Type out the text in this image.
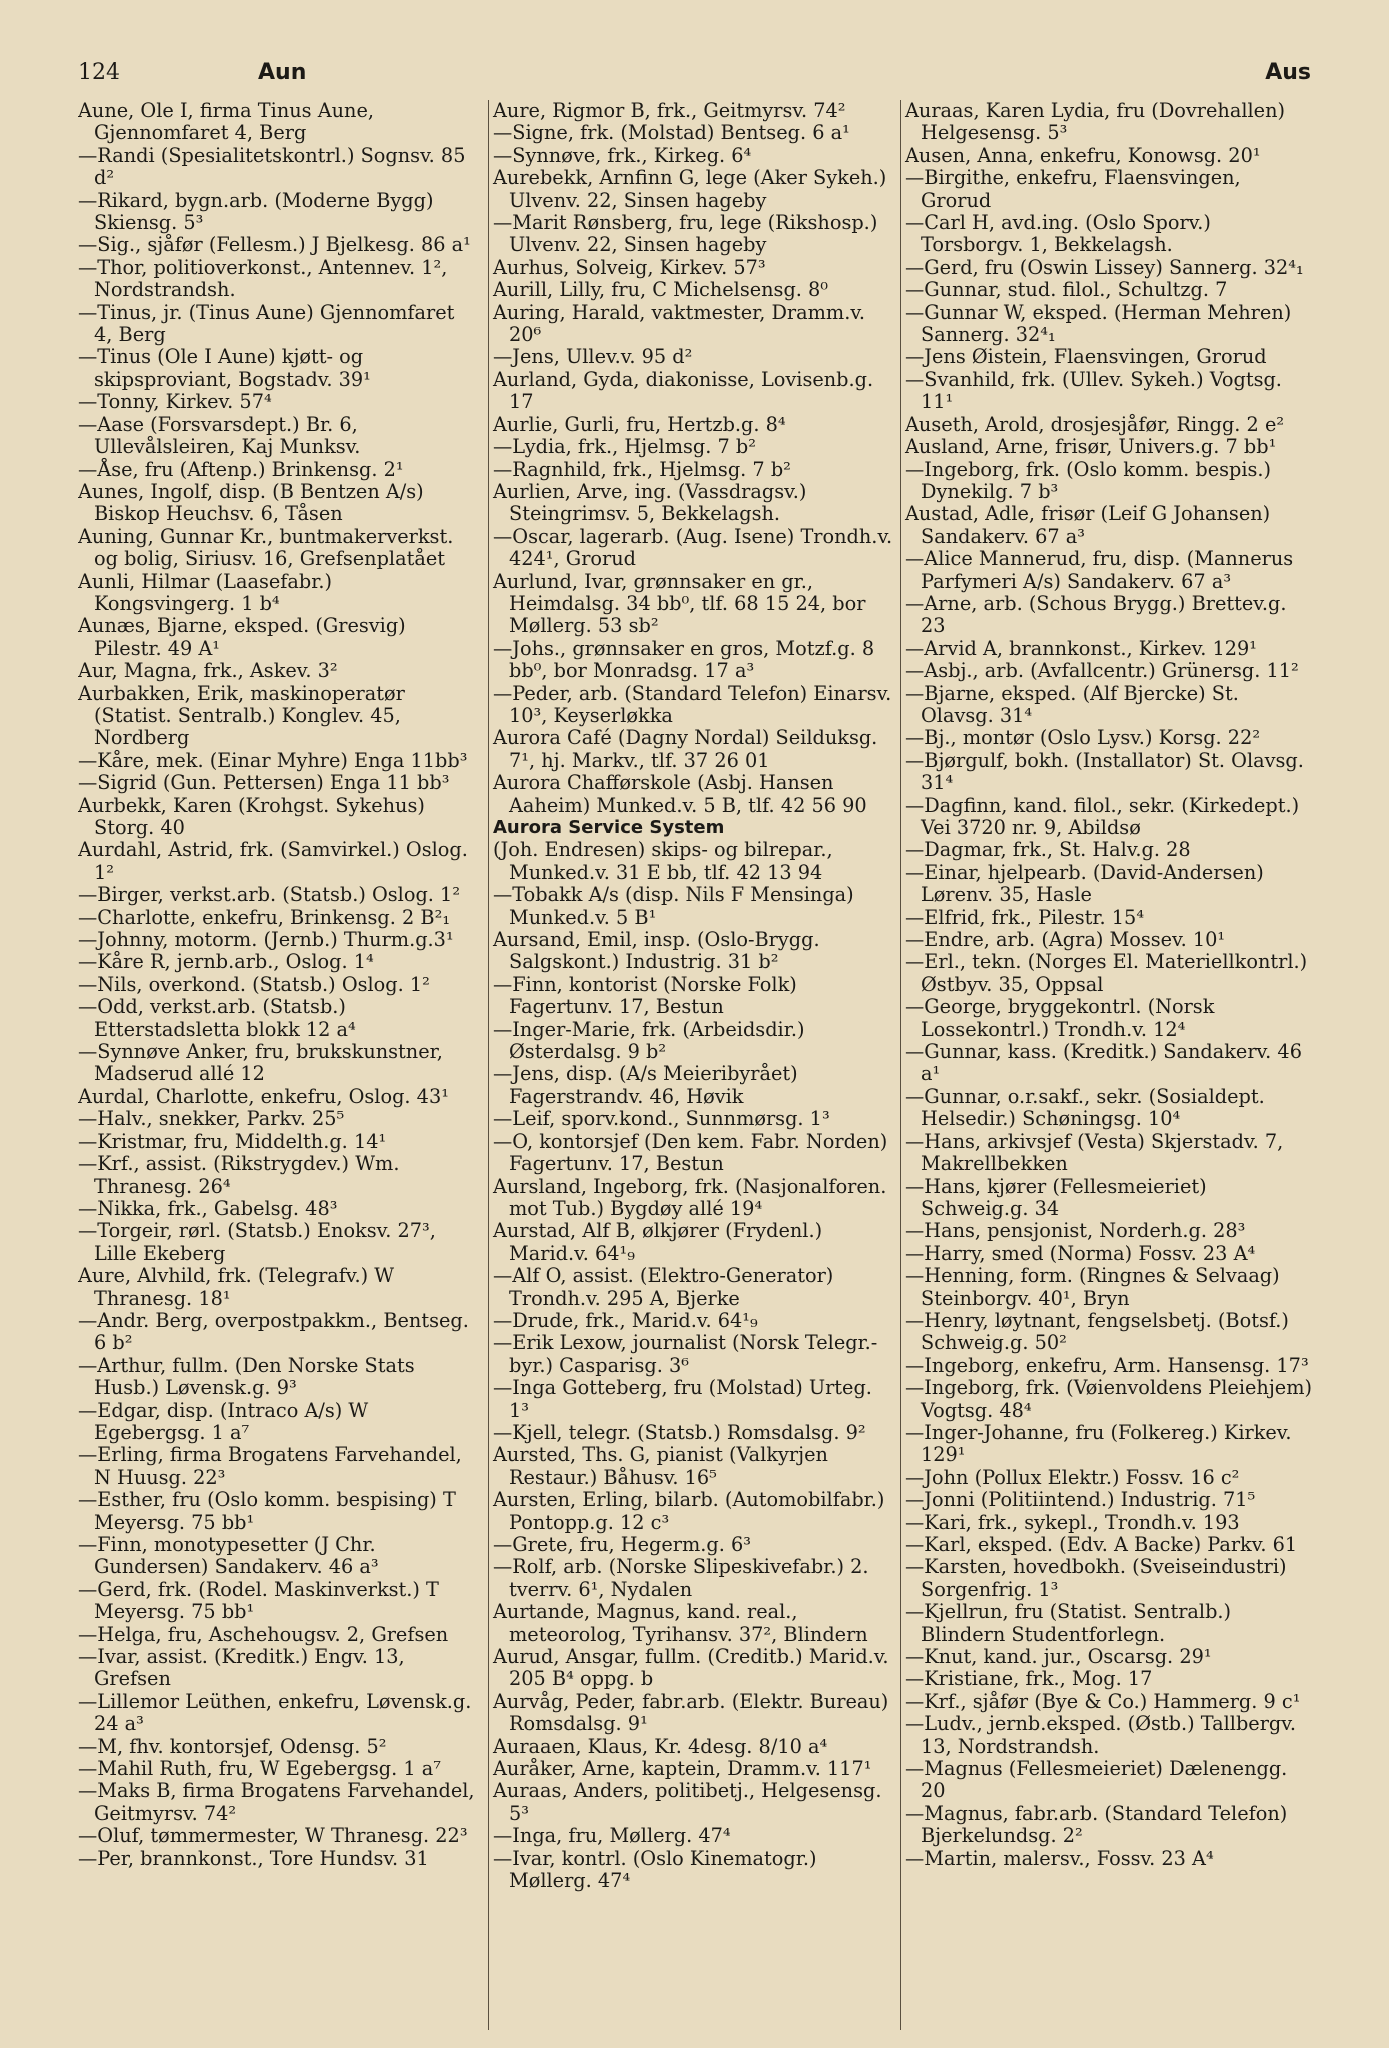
124	Aun	Aus
Aune, Ole I, firma Tinus Aune, Gjennomfaret 4, Berg
—Randi (Spesialitetskontrl.) Sognsv. 85 d²
—Rikard, bygn.arb. (Moderne Bygg) Skiensg. 5³
—Sig., sjåfør (Fellesm.) J Bjelkesg. 86 a¹
—Thor, politioverkonst., Antennev. 1², Nordstrandsh.
—Tinus, jr. (Tinus Aune) Gjennomfaret 4, Berg
—Tinus (Ole I Aune) kjøtt- og skipsproviant, Bogstadv. 39¹
—Tonny, Kirkev. 57⁴
—Aase (Forsvarsdept.) Br. 6, Ullevålsleiren, Kaj Munksv.
—Åse, fru (Aftenp.) Brinkensg. 2¹
Aunes, Ingolf, disp. (B Bentzen A/s) Biskop Heuchsv. 6, Tåsen
Auning, Gunnar Kr., buntmakerverkst. og bolig, Siriusv. 16, Grefsenplatået
Aunli, Hilmar (Laasefabr.) Kongsvingerg. 1 b⁴
Aunæs, Bjarne, eksped. (Gresvig) Pilestr. 49 A¹
Aur, Magna, frk., Askev. 3²
Aurbakken, Erik, maskinoperatør (Statist. Sentralb.) Konglev. 45, Nordberg
—Kåre, mek. (Einar Myhre) Enga 11bb³
—Sigrid (Gun. Pettersen) Enga 11 bb³
Aurbekk, Karen (Krohgst. Sykehus) Storg. 40
Aurdahl, Astrid, frk. (Samvirkel.) Oslog. 1²
—Birger, verkst.arb. (Statsb.) Oslog. 1²
—Charlotte, enkefru, Brinkensg. 2 B²₁
—Johnny, motorm. (Jernb.) Thurm.g.3¹
—Kåre R, jernb.arb., Oslog. 1⁴
—Nils, overkond. (Statsb.) Oslog. 1²
—Odd, verkst.arb. (Statsb.) Etterstadsletta blokk 12 a⁴
—Synnøve Anker, fru, brukskunstner, Madserud allé 12
Aurdal, Charlotte, enkefru, Oslog. 43¹
—Halv., snekker, Parkv. 25⁵
—Kristmar, fru, Middelth.g. 14¹
—Krf., assist. (Rikstrygdev.) Wm. Thranesg. 26⁴
—Nikka, frk., Gabelsg. 48³
—Torgeir, rørl. (Statsb.) Enoksv. 27³, Lille Ekeberg
Aure, Alvhild, frk. (Telegrafv.) W Thranesg. 18¹
—Andr. Berg, overpostpakkm., Bentseg. 6 b²
—Arthur, fullm. (Den Norske Stats Husb.) Løvensk.g. 9³
—Edgar, disp. (Intraco A/s) W Egebergsg. 1 a⁷
—Erling, firma Brogatens Farvehandel, N Huusg. 22³
—Esther, fru (Oslo komm. bespising) T Meyersg. 75 bb¹
—Finn, monotypesetter (J Chr. Gundersen) Sandakerv. 46 a³
—Gerd, frk. (Rodel. Maskinverkst.) T Meyersg. 75 bb¹
—Helga, fru, Aschehougsv. 2, Grefsen
—Ivar, assist. (Kreditk.) Engv. 13, Grefsen
—Lillemor Leüthen, enkefru, Løvensk.g. 24 a³
—M, fhv. kontorsjef, Odensg. 5²
—Mahil Ruth, fru, W Egebergsg. 1 a⁷
—Maks B, firma Brogatens Farvehandel, Geitmyrsv. 74²
—Oluf, tømmermester, W Thranesg. 22³
—Per, brannkonst., Tore Hundsv. 31
Aure, Rigmor B, frk., Geitmyrsv. 74²
—Signe, frk. (Molstad) Bentseg. 6 a¹
—Synnøve, frk., Kirkeg. 6⁴
Aurebekk, Arnfinn G, lege (Aker Sykeh.) Ulvenv. 22, Sinsen hageby
—Marit Rønsberg, fru, lege (Rikshosp.) Ulvenv. 22, Sinsen hageby
Aurhus, Solveig, Kirkev. 57³
Aurill, Lilly, fru, C Michelsensg. 8⁰
Auring, Harald, vaktmester, Dramm.v. 20⁶
—Jens, Ullev.v. 95 d²
Aurland, Gyda, diakonisse, Lovisenb.g. 17
Aurlie, Gurli, fru, Hertzb.g. 8⁴
—Lydia, frk., Hjelmsg. 7 b²
—Ragnhild, frk., Hjelmsg. 7 b²
Aurlien, Arve, ing. (Vassdragsv.) Steingrimsv. 5, Bekkelagsh.
—Oscar, lagerarb. (Aug. Isene) Trondh.v. 424¹, Grorud
Aurlund, Ivar, grønnsaker en gr., Heimdalsg. 34 bb⁰, tlf. 68 15 24, bor Møllerg. 53 sb²
—Johs., grønnsaker en gros, Motzf.g. 8 bb⁰, bor Monradsg. 17 a³
—Peder, arb. (Standard Telefon) Einarsv. 10³, Keyserløkka
Aurora Café (Dagny Nordal) Seilduksg. 7¹, hj. Markv., tlf. 37 26 01
Aurora Chafførskole (Asbj. Hansen Aaheim) Munked.v. 5 B, tlf. 42 56 90
Aurora Service System
(Joh. Endresen) skips- og bilrepar., Munked.v. 31 E bb, tlf. 42 13 94
—Tobakk A/s (disp. Nils F Mensinga) Munked.v. 5 B¹
Aursand, Emil, insp. (Oslo-Brygg. Salgskont.) Industrig. 31 b²
—Finn, kontorist (Norske Folk) Fagertunv. 17, Bestun
—Inger-Marie, frk. (Arbeidsdir.) Østerdalsg. 9 b²
—Jens, disp. (A/s Meieribyrået) Fagerstrandv. 46, Høvik
—Leif, sporv.kond., Sunnmørsg. 1³
—O, kontorsjef (Den kem. Fabr. Norden) Fagertunv. 17, Bestun
Aursland, Ingeborg, frk. (Nasjonalforen. mot Tub.) Bygdøy allé 19⁴
Aurstad, Alf B, ølkjører (Frydenl.) Marid.v. 64¹₉
—Alf O, assist. (Elektro-Generator) Trondh.v. 295 A, Bjerke
—Drude, frk., Marid.v. 64¹₉
—Erik Lexow, journalist (Norsk Telegr.-byr.) Casparisg. 3⁶
—Inga Gotteberg, fru (Molstad) Urteg. 1³
—Kjell, telegr. (Statsb.) Romsdalsg. 9²
Aursted, Ths. G, pianist (Valkyrjen Restaur.) Båhusv. 16⁵
Aursten, Erling, bilarb. (Automobilfabr.) Pontopp.g. 12 c³
—Grete, fru, Hegerm.g. 6³
—Rolf, arb. (Norske Slipeskivefabr.) 2. tverrv. 6¹, Nydalen
Aurtande, Magnus, kand. real., meteorolog, Tyrihansv. 37², Blindern
Aurud, Ansgar, fullm. (Creditb.) Marid.v. 205 B⁴ oppg. b
Aurvåg, Peder, fabr.arb. (Elektr. Bureau) Romsdalsg. 9¹
Auraaen, Klaus, Kr. 4desg. 8/10 a⁴
Auråker, Arne, kaptein, Dramm.v. 117¹
Auraas, Anders, politibetj., Helgesensg. 5³
—Inga, fru, Møllerg. 47⁴
—Ivar, kontrl. (Oslo Kinematogr.) Møllerg. 47⁴
Auraas, Karen Lydia, fru (Dovrehallen) Helgesensg. 5³
Ausen, Anna, enkefru, Konowsg. 20¹
—Birgithe, enkefru, Flaensvingen, Grorud
—Carl H, avd.ing. (Oslo Sporv.) Torsborgv. 1, Bekkelagsh.
—Gerd, fru (Oswin Lissey) Sannerg. 32⁴₁
—Gunnar, stud. filol., Schultzg. 7
—Gunnar W, eksped. (Herman Mehren) Sannerg. 32⁴₁
—Jens Øistein, Flaensvingen, Grorud
—Svanhild, frk. (Ullev. Sykeh.) Vogtsg. 11¹
Auseth, Arold, drosjesjåfør, Ringg. 2 e²
Ausland, Arne, frisør, Univers.g. 7 bb¹
—Ingeborg, frk. (Oslo komm. bespis.) Dynekilg. 7 b³
Austad, Adle, frisør (Leif G Johansen) Sandakerv. 67 a³
—Alice Mannerud, fru, disp. (Mannerus Parfymeri A/s) Sandakerv. 67 a³
—Arne, arb. (Schous Brygg.) Brettev.g. 23
—Arvid A, brannkonst., Kirkev. 129¹
—Asbj., arb. (Avfallcentr.) Grünersg. 11²
—Bjarne, eksped. (Alf Bjercke) St. Olavsg. 31⁴
—Bj., montør (Oslo Lysv.) Korsg. 22²
—Bjørgulf, bokh. (Installator) St. Olavsg. 31⁴
—Dagfinn, kand. filol., sekr. (Kirkedept.) Vei 3720 nr. 9, Abildsø
—Dagmar, frk., St. Halv.g. 28
—Einar, hjelpearb. (David-Andersen) Lørenv. 35, Hasle
—Elfrid, frk., Pilestr. 15⁴
—Endre, arb. (Agra) Mossev. 10¹
—Erl., tekn. (Norges El. Materiellkontrl.) Østbyv. 35, Oppsal
—George, bryggekontrl. (Norsk Lossekontrl.) Trondh.v. 12⁴
—Gunnar, kass. (Kreditk.) Sandakerv. 46 a¹
—Gunnar, o.r.sakf., sekr. (Sosialdept. Helsedir.) Schøningsg. 10⁴
—Hans, arkivsjef (Vesta) Skjerstadv. 7, Makrellbekken
—Hans, kjører (Fellesmeieriet) Schweig.g. 34
—Hans, pensjonist, Norderh.g. 28³
—Harry, smed (Norma) Fossv. 23 A⁴
—Henning, form. (Ringnes & Selvaag) Steinborgv. 40¹, Bryn
—Henry, løytnant, fengselsbetj. (Botsf.) Schweig.g. 50²
—Ingeborg, enkefru, Arm. Hansensg. 17³
—Ingeborg, frk. (Vøienvoldens Pleiehjem) Vogtsg. 48⁴
—Inger-Johanne, fru (Folkereg.) Kirkev. 129¹
—John (Pollux Elektr.) Fossv. 16 c²
—Jonni (Politiintend.) Industrig. 71⁵
—Kari, frk., sykepl., Trondh.v. 193
—Karl, eksped. (Edv. A Backe) Parkv. 61
—Karsten, hovedbokh. (Sveiseindustri) Sorgenfrig. 1³
—Kjellrun, fru (Statist. Sentralb.) Blindern Studentforlegn.
—Knut, kand. jur., Oscarsg. 29¹
—Kristiane, frk., Mog. 17
—Krf., sjåfør (Bye & Co.) Hammerg. 9 c¹
—Ludv., jernb.eksped. (Østb.) Tallbergv. 13, Nordstrandsh.
—Magnus (Fellesmeieriet) Dælenengg. 20
—Magnus, fabr.arb. (Standard Telefon) Bjerkelundsg. 2²
—Martin, malersv., Fossv. 23 A⁴
